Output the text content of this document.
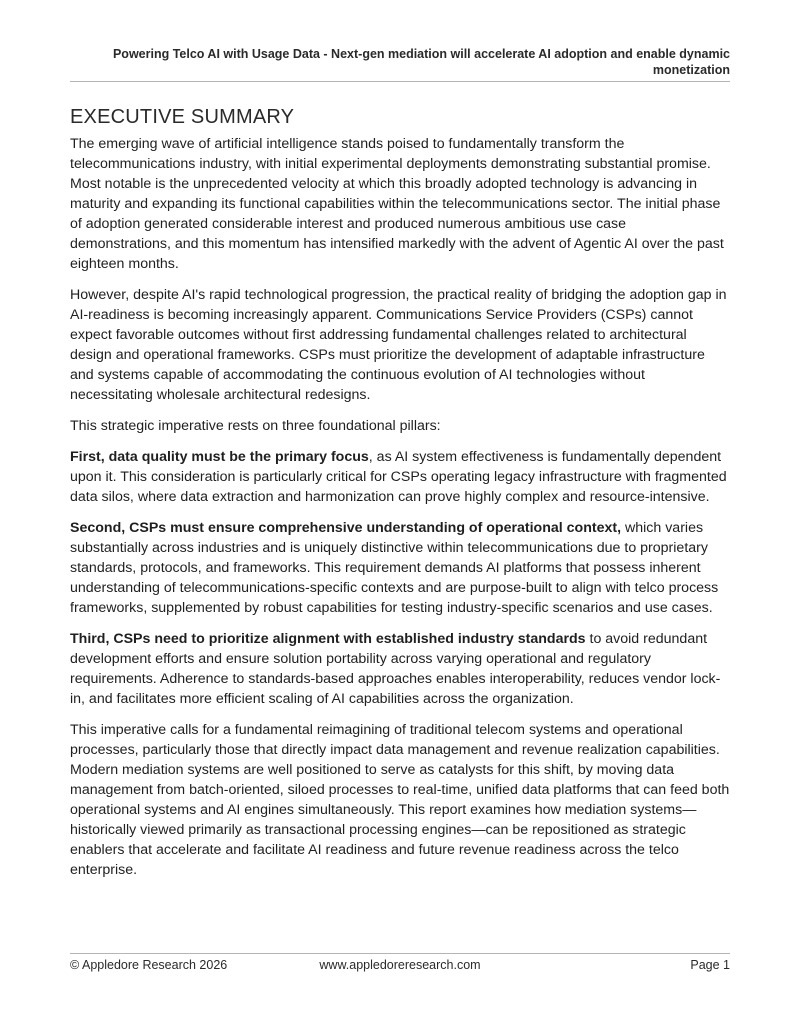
Powering Telco AI with Usage Data - Next-gen mediation will accelerate AI adoption and enable dynamic monetization
EXECUTIVE SUMMARY

The emerging wave of artificial intelligence stands poised to fundamentally transform the telecommunications industry, with initial experimental deployments demonstrating substantial promise. Most notable is the unprecedented velocity at which this broadly adopted technology is advancing in maturity and expanding its functional capabilities within the telecommunications sector. The initial phase of adoption generated considerable interest and produced numerous ambitious use case demonstrations, and this momentum has intensified markedly with the advent of Agentic AI over the past eighteen months.

However, despite AI's rapid technological progression, the practical reality of bridging the adoption gap in AI-readiness is becoming increasingly apparent. Communications Service Providers (CSPs) cannot expect favorable outcomes without first addressing fundamental challenges related to architectural design and operational frameworks. CSPs must prioritize the development of adaptable infrastructure and systems capable of accommodating the continuous evolution of AI technologies without necessitating wholesale architectural redesigns.

This strategic imperative rests on three foundational pillars:

First, data quality must be the primary focus, as AI system effectiveness is fundamentally dependent upon it. This consideration is particularly critical for CSPs operating legacy infrastructure with fragmented data silos, where data extraction and harmonization can prove highly complex and resource-intensive.

Second, CSPs must ensure comprehensive understanding of operational context, which varies substantially across industries and is uniquely distinctive within telecommunications due to proprietary standards, protocols, and frameworks. This requirement demands AI platforms that possess inherent understanding of telecommunications-specific contexts and are purpose-built to align with telco process frameworks, supplemented by robust capabilities for testing industry-specific scenarios and use cases.

Third, CSPs need to prioritize alignment with established industry standards to avoid redundant development efforts and ensure solution portability across varying operational and regulatory requirements. Adherence to standards-based approaches enables interoperability, reduces vendor lock-in, and facilitates more efficient scaling of AI capabilities across the organization.

This imperative calls for a fundamental reimagining of traditional telecom systems and operational processes, particularly those that directly impact data management and revenue realization capabilities. Modern mediation systems are well positioned to serve as catalysts for this shift, by moving data management from batch-oriented, siloed processes to real-time, unified data platforms that can feed both operational systems and AI engines simultaneously. This report examines how mediation systems—historically viewed primarily as transactional processing engines—can be repositioned as strategic enablers that accelerate and facilitate AI readiness and future revenue readiness across the telco enterprise.

© Appledore Research 2026	www.appledoreresearch.com	Page 1
